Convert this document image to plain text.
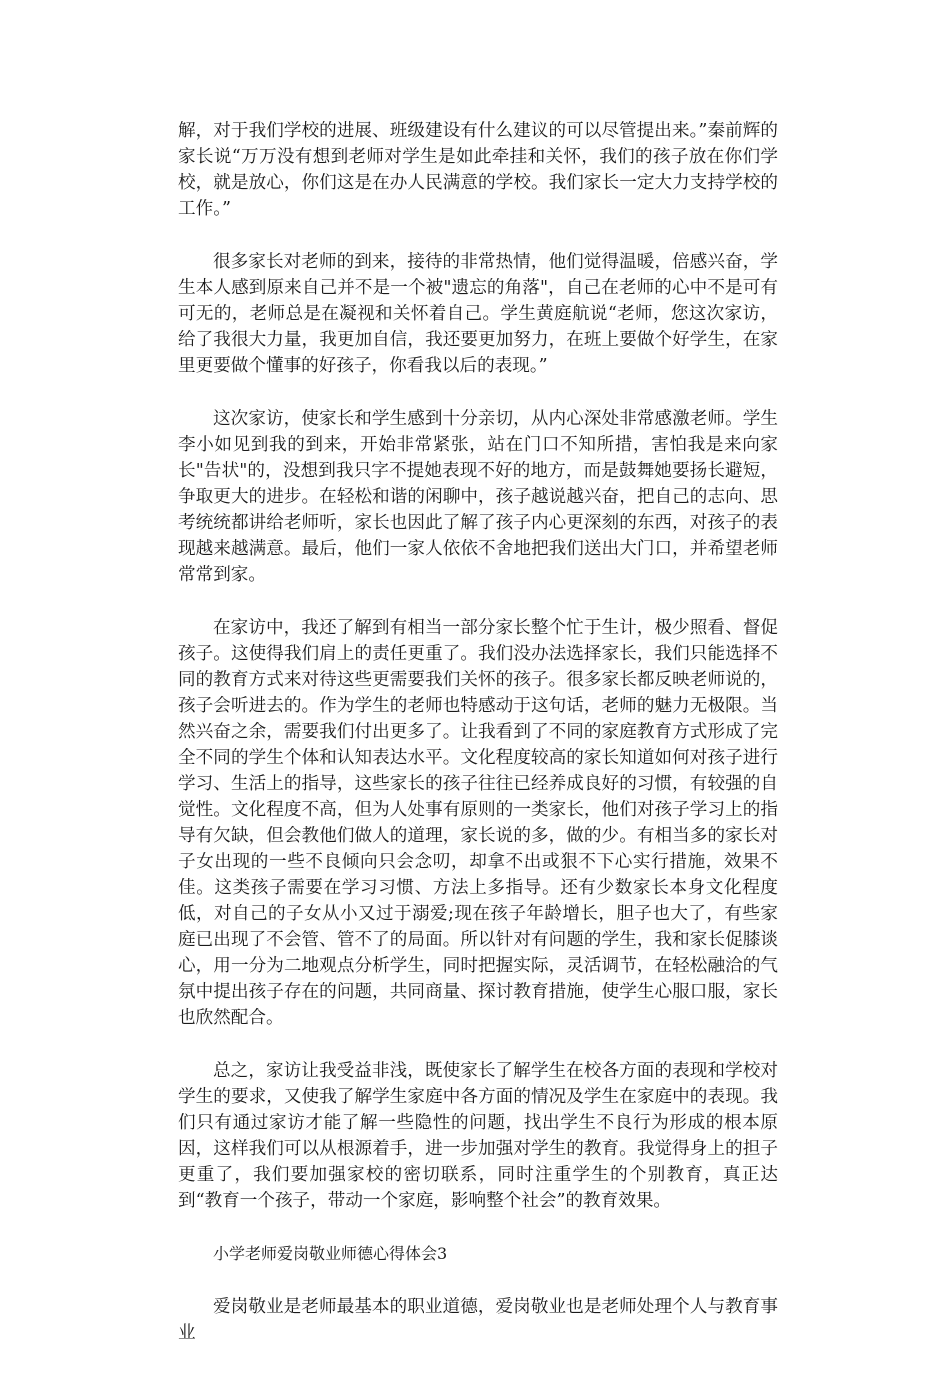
解，对于我们学校的进展、班级建设有什么建议的可以尽管提出来。”秦前辉的家长说“万万没有想到老师对学生是如此牵挂和关怀，我们的孩子放在你们学校，就是放心，你们这是在办人民满意的学校。我们家长一定大力支持学校的工作。”

很多家长对老师的到来，接待的非常热情，他们觉得温暖，倍感兴奋，学生本人感到原来自己并不是一个被"遗忘的角落"，自己在老师的心中不是可有可无的，老师总是在凝视和关怀着自己。学生黄庭航说“老师，您这次家访，给了我很大力量，我更加自信，我还要更加努力，在班上要做个好学生，在家里更要做个懂事的好孩子，你看我以后的表现。”

这次家访，使家长和学生感到十分亲切，从内心深处非常感激老师。学生李小如见到我的到来，开始非常紧张，站在门口不知所措，害怕我是来向家长"告状"的，没想到我只字不提她表现不好的地方，而是鼓舞她要扬长避短，争取更大的进步。在轻松和谐的闲聊中，孩子越说越兴奋，把自己的志向、思考统统都讲给老师听，家长也因此了解了孩子内心更深刻的东西，对孩子的表现越来越满意。最后，他们一家人依依不舍地把我们送出大门口，并希望老师常常到家。

在家访中，我还了解到有相当一部分家长整个忙于生计，极少照看、督促孩子。这使得我们肩上的责任更重了。我们没办法选择家长，我们只能选择不同的教育方式来对待这些更需要我们关怀的孩子。很多家长都反映老师说的，孩子会听进去的。作为学生的老师也特感动于这句话，老师的魅力无极限。当然兴奋之余，需要我们付出更多了。让我看到了不同的家庭教育方式形成了完全不同的学生个体和认知表达水平。文化程度较高的家长知道如何对孩子进行学习、生活上的指导，这些家长的孩子往往已经养成良好的习惯，有较强的自觉性。文化程度不高，但为人处事有原则的一类家长，他们对孩子学习上的指导有欠缺，但会教他们做人的道理，家长说的多，做的少。有相当多的家长对子女出现的一些不良倾向只会念叨，却拿不出或狠不下心实行措施，效果不佳。这类孩子需要在学习习惯、方法上多指导。还有少数家长本身文化程度低，对自己的子女从小又过于溺爱;现在孩子年龄增长，胆子也大了，有些家庭已出现了不会管、管不了的局面。所以针对有问题的学生，我和家长促膝谈心，用一分为二地观点分析学生，同时把握实际，灵活调节，在轻松融洽的气氛中提出孩子存在的问题，共同商量、探讨教育措施，使学生心服口服，家长也欣然配合。

总之，家访让我受益非浅，既使家长了解学生在校各方面的表现和学校对学生的要求，又使我了解学生家庭中各方面的情况及学生在家庭中的表现。我们只有通过家访才能了解一些隐性的问题，找出学生不良行为形成的根本原因，这样我们可以从根源着手，进一步加强对学生的教育。我觉得身上的担子更重了，我们要加强家校的密切联系，同时注重学生的个别教育，真正达到“教育一个孩子，带动一个家庭，影响整个社会”的教育效果。

小学老师爱岗敬业师德心得体会3

爱岗敬业是老师最基本的职业道德，爱岗敬业也是老师处理个人与教育事业
